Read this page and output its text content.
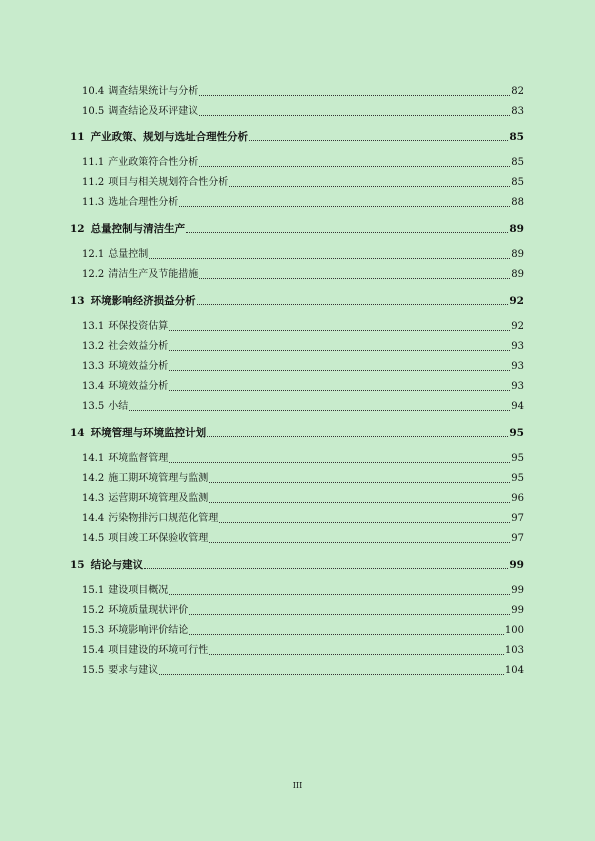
10.4 调查结果统计与分析	82
10.5 调查结论及环评建议	83
11 产业政策、规划与选址合理性分析	85
11.1 产业政策符合性分析	85
11.2 项目与相关规划符合性分析	85
11.3 选址合理性分析	88
12 总量控制与清洁生产	89
12.1 总量控制	89
12.2 清洁生产及节能措施	89
13 环境影响经济损益分析	92
13.1 环保投资估算	92
13.2 社会效益分析	93
13.3 环境效益分析	93
13.4 环境效益分析	93
13.5 小结	94
14 环境管理与环境监控计划	95
14.1 环境监督管理	95
14.2 施工期环境管理与监测	95
14.3 运营期环境管理及监测	96
14.4 污染物排污口规范化管理	97
14.5 项目竣工环保验收管理	97
15 结论与建议	99
15.1 建设项目概况	99
15.2 环境质量现状评价	99
15.3 环境影响评价结论	100
15.4 项目建设的环境可行性	103
15.5 要求与建议	104
III
